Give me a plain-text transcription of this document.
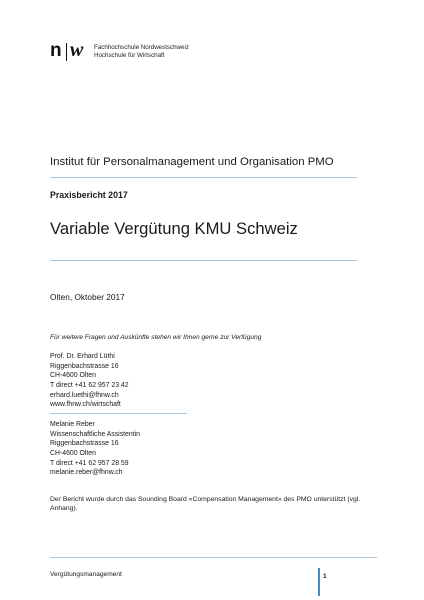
n w Fachhochschule Nordwestschweiz
Hochschule für Wirtschaft
Institut für Personalmanagement und Organisation PMO
Praxisbericht 2017
Variable Vergütung KMU Schweiz
Olten, Oktober 2017
Für weitere Fragen und Auskünfte stehen wir Ihnen gerne zur Verfügung
Prof. Dr. Erhard Lüthi
Riggenbachstrasse 16
CH-4600 Olten
T direct +41 62 957 23 42
erhard.luethi@fhnw.ch
www.fhnw.ch/wirtschaft
Melanie Reber
Wissenschaftliche Assistentin
Riggenbachstrasse 16
CH-4600 Olten
T direct +41 62 957 28 59
melanie.reber@fhnw.ch
Der Bericht wurde durch das Sounding Board «Compensation Management» des PMO unterstützt (vgl. Anhang).
Vergütungsmanagement	1
